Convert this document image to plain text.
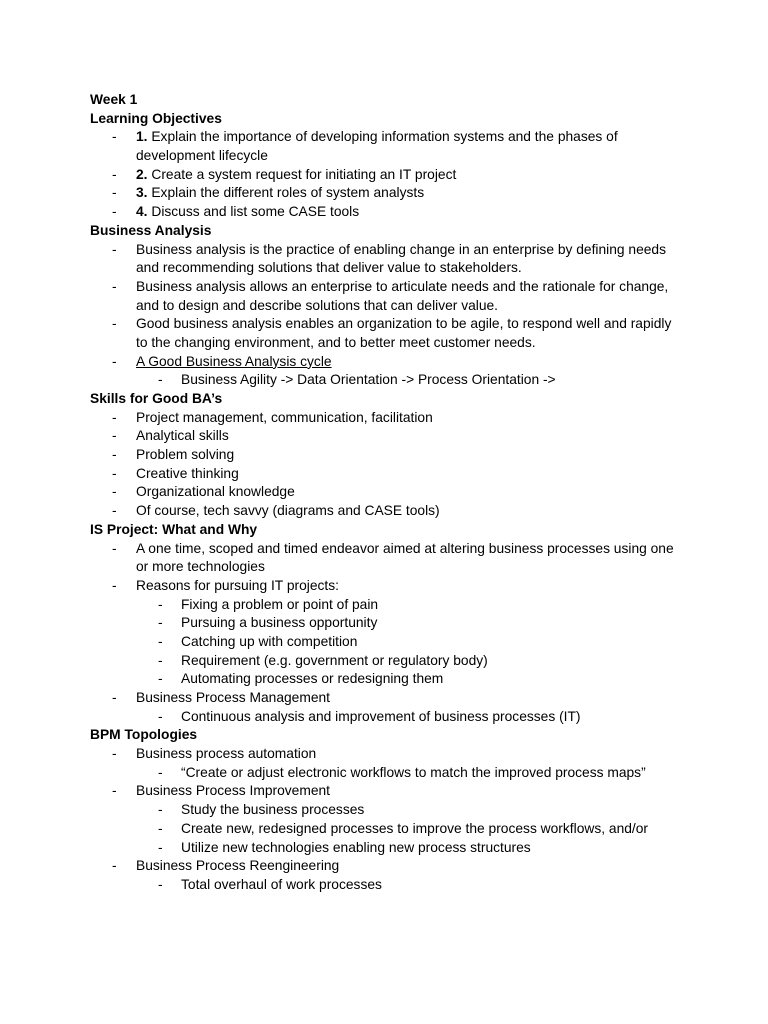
Week 1
Learning Objectives
- 1. Explain the importance of developing information systems and the phases of
development lifecycle
- 2. Create a system request for initiating an IT project
- 3. Explain the different roles of system analysts
- 4. Discuss and list some CASE tools
Business Analysis
- Business analysis is the practice of enabling change in an enterprise by defining needs
and recommending solutions that deliver value to stakeholders.
- Business analysis allows an enterprise to articulate needs and the rationale for change,
and to design and describe solutions that can deliver value.
- Good business analysis enables an organization to be agile, to respond well and rapidly
to the changing environment, and to better meet customer needs.
- A Good Business Analysis cycle
- Business Agility -> Data Orientation -> Process Orientation ->
Skills for Good BA’s
- Project management, communication, facilitation
- Analytical skills
- Problem solving
- Creative thinking
- Organizational knowledge
- Of course, tech savvy (diagrams and CASE tools)
IS Project: What and Why
- A one time, scoped and timed endeavor aimed at altering business processes using one
or more technologies
- Reasons for pursuing IT projects:
- Fixing a problem or point of pain
- Pursuing a business opportunity
- Catching up with competition
- Requirement (e.g. government or regulatory body)
- Automating processes or redesigning them
- Business Process Management
- Continuous analysis and improvement of business processes (IT)
BPM Topologies
- Business process automation
- “Create or adjust electronic workflows to match the improved process maps”
- Business Process Improvement
- Study the business processes
- Create new, redesigned processes to improve the process workflows, and/or
- Utilize new technologies enabling new process structures
- Business Process Reengineering
- Total overhaul of work processes
